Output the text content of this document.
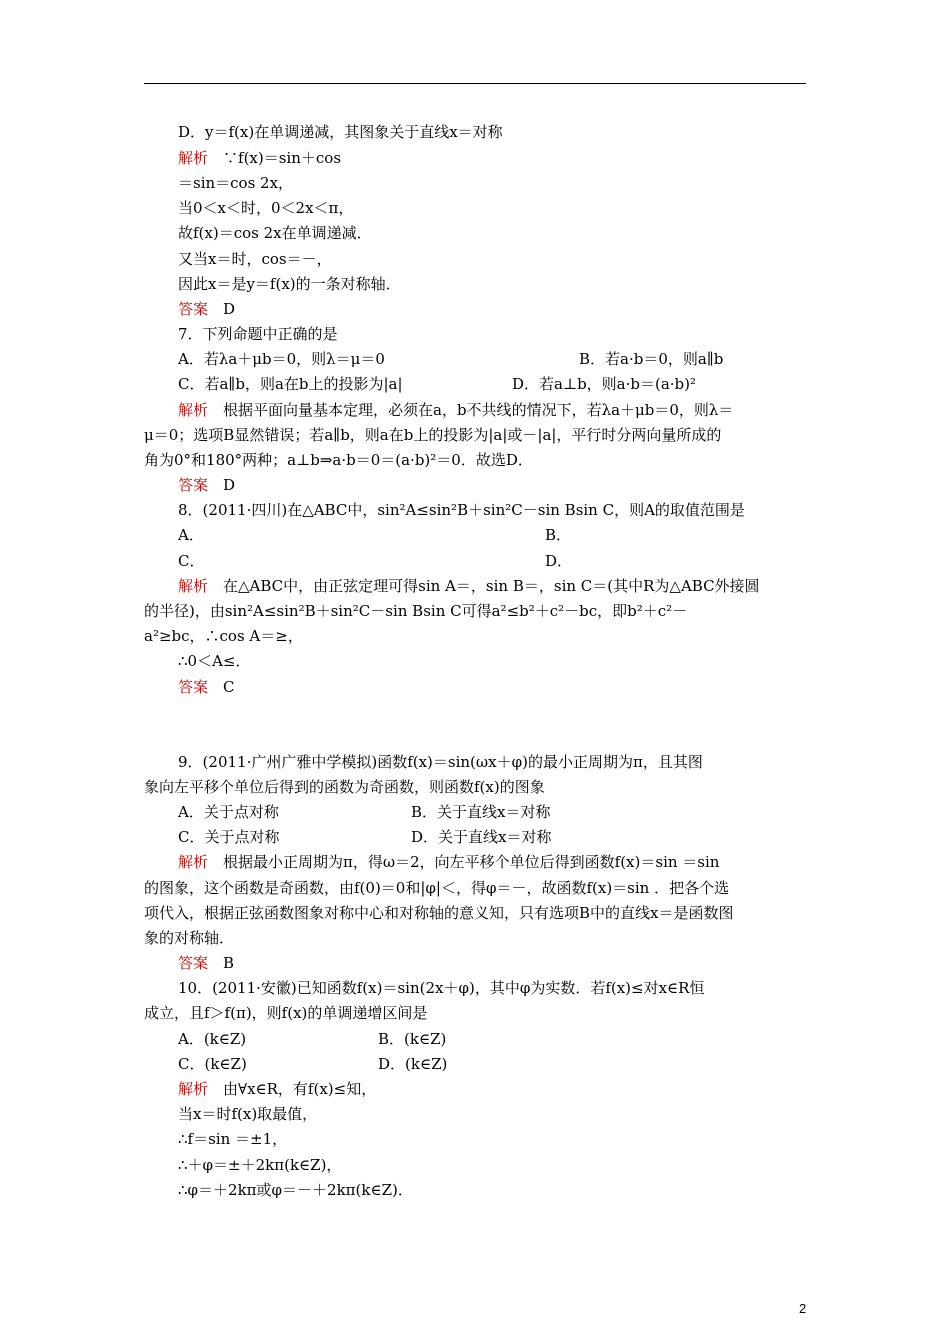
D．y＝f(x)在单调递减，其图象关于直线x＝对称
解析　∵f(x)＝sin＋cos
＝sin＝cos 2x，
当0＜x＜时，0＜2x＜π，
故f(x)＝cos 2x在单调递减．
又当x＝时，cos＝－，
因此x＝是y＝f(x)的一条对称轴．
答案　D
7．下列命题中正确的是
A．若λa＋μb＝0，则λ＝μ＝0	B．若a·b＝0，则a∥b
C．若a∥b，则a在b上的投影为|a|	D．若a⊥b，则a·b＝(a·b)²
解析　根据平面向量基本定理，必须在a，b不共线的情况下，若λa＋μb＝0，则λ＝
μ＝0；选项B显然错误；若a∥b，则a在b上的投影为|a|或－|a|，平行时分两向量所成的
角为0°和180°两种；a⊥b⇒a·b＝0＝(a·b)²＝0．故选D．
答案　D
8．(2011·四川)在△ABC中，sin²A≤sin²B＋sin²C－sin Bsin C，则A的取值范围是
A．	B．
C．	D．
解析　在△ABC中，由正弦定理可得sin A＝，sin B＝，sin C＝(其中R为△ABC外接圆
的半径)，由sin²A≤sin²B＋sin²C－sin Bsin C可得a²≤b²＋c²－bc，即b²＋c²－
a²≥bc，∴cos A＝≥，
∴0＜A≤．
答案　C
9．(2011·广州广雅中学模拟)函数f(x)＝sin(ωx＋φ)的最小正周期为π，且其图
象向左平移个单位后得到的函数为奇函数，则函数f(x)的图象
A．关于点对称	B．关于直线x＝对称
C．关于点对称	D．关于直线x＝对称
解析　根据最小正周期为π，得ω＝2，向左平移个单位后得到函数f(x)＝sin ＝sin
的图象，这个函数是奇函数，由f(0)＝0和|φ|＜，得φ＝－，故函数f(x)＝sin ．把各个选
项代入，根据正弦函数图象对称中心和对称轴的意义知，只有选项B中的直线x＝是函数图
象的对称轴．
答案　B
10．(2011·安徽)已知函数f(x)＝sin(2x＋φ)，其中φ为实数．若f(x)≤对x∈R恒
成立，且f＞f(π)，则f(x)的单调递增区间是
A．(k∈Z)	B．(k∈Z)
C．(k∈Z)	D．(k∈Z)
解析　由∀x∈R，有f(x)≤知，
当x＝时f(x)取最值，
∴f＝sin ＝±1，
∴＋φ＝±＋2kπ(k∈Z)，
∴φ＝＋2kπ或φ＝－＋2kπ(k∈Z)．
2
